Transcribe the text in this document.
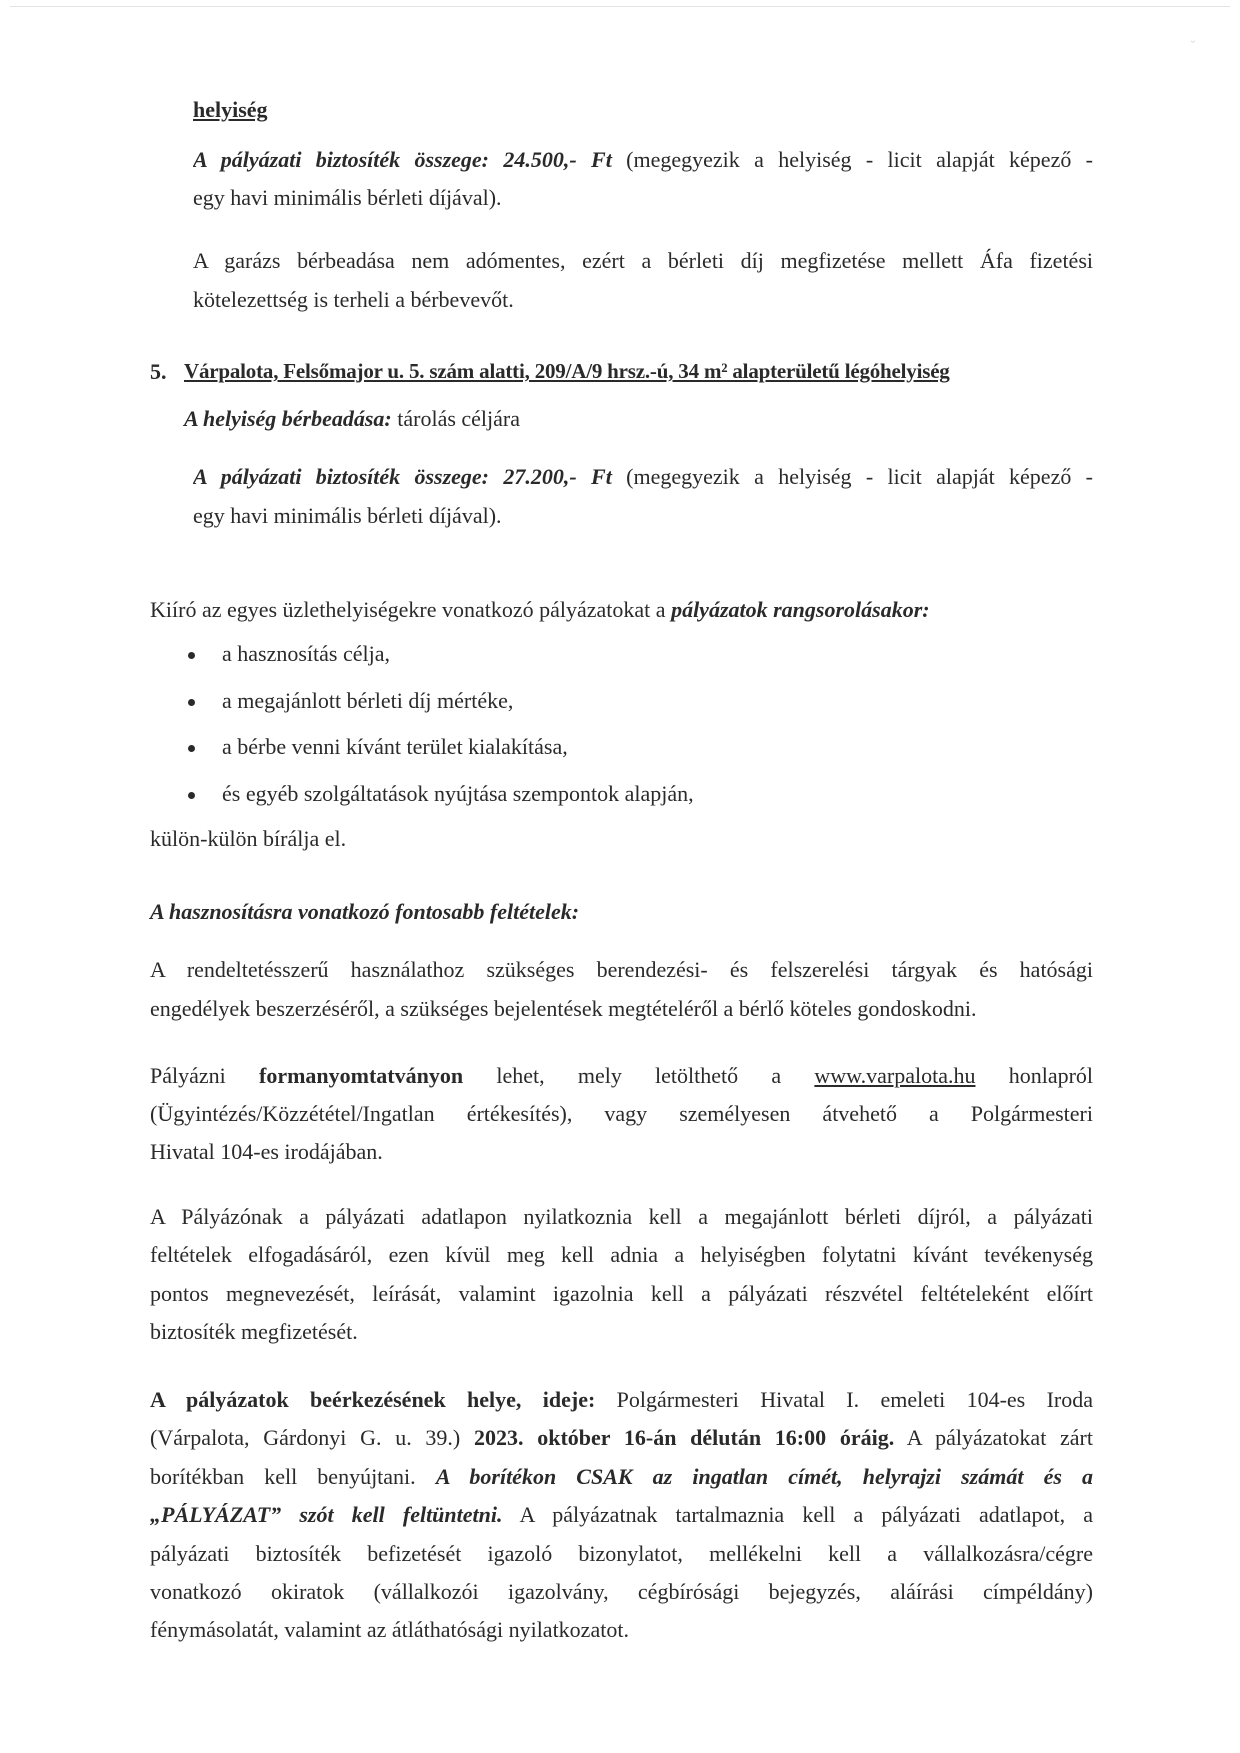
ᵕ
helyiség
A pályázati biztosíték összege: 24.500,- Ft (megegyezik a helyiség - licit alapját képező -
egy havi minimális bérleti díjával).
A garázs bérbeadása nem adómentes, ezért a bérleti díj megfizetése mellett Áfa fizetési
kötelezettség is terheli a bérbevevőt.
5. Várpalota, Felsőmajor u. 5. szám alatti, 209/A/9 hrsz.-ú, 34 m² alapterületű légóhelyiség
A helyiség bérbeadása: tárolás céljára
A pályázati biztosíték összege: 27.200,- Ft (megegyezik a helyiség - licit alapját képező -
egy havi minimális bérleti díjával).
Kiíró az egyes üzlethelyiségekre vonatkozó pályázatokat a pályázatok rangsorolásakor:
a hasznosítás célja,
a megajánlott bérleti díj mértéke,
a bérbe venni kívánt terület kialakítása,
és egyéb szolgáltatások nyújtása szempontok alapján,
külön-külön bírálja el.
A hasznosításra vonatkozó fontosabb feltételek:
A rendeltetésszerű használathoz szükséges berendezési- és felszerelési tárgyak és hatósági
engedélyek beszerzéséről, a szükséges bejelentések megtételéről a bérlő köteles gondoskodni.
Pályázni formanyomtatványon lehet, mely letölthető a www.varpalota.hu honlapról
(Ügyintézés/Közzététel/Ingatlan értékesítés), vagy személyesen átvehető a Polgármesteri
Hivatal 104-es irodájában.
A Pályázónak a pályázati adatlapon nyilatkoznia kell a megajánlott bérleti díjról, a pályázati
feltételek elfogadásáról, ezen kívül meg kell adnia a helyiségben folytatni kívánt tevékenység
pontos megnevezését, leírását, valamint igazolnia kell a pályázati részvétel feltételeként előírt
biztosíték megfizetését.
A pályázatok beérkezésének helye, ideje: Polgármesteri Hivatal I. emeleti 104-es Iroda
(Várpalota, Gárdonyi G. u. 39.) 2023. október 16-án délután 16:00 óráig. A pályázatokat zárt
borítékban kell benyújtani. A borítékon CSAK az ingatlan címét, helyrajzi számát és a
„PÁLYÁZAT” szót kell feltüntetni. A pályázatnak tartalmaznia kell a pályázati adatlapot, a
pályázati biztosíték befizetését igazoló bizonylatot, mellékelni kell a vállalkozásra/cégre
vonatkozó okiratok (vállalkozói igazolvány, cégbírósági bejegyzés, aláírási címpéldány)
fénymásolatát, valamint az átláthatósági nyilatkozatot.
